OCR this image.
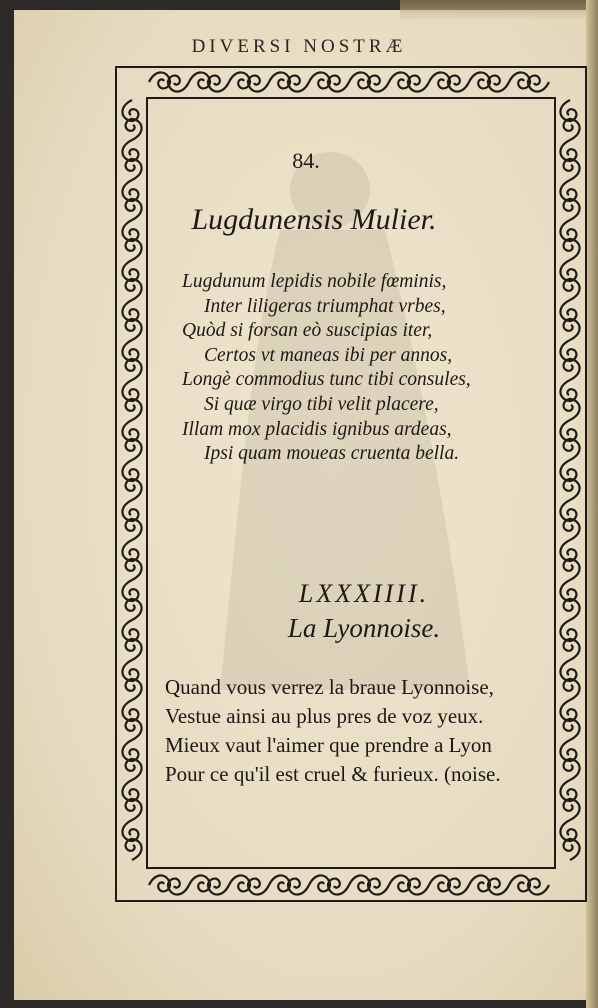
DIVERSI NOSTRÆ
84.
Lugdunensis Mulier.
Lugdunum lepidis nobile fœminis,
Inter liligeras triumphat vrbes,
Quòd si forsan eò suscipias iter,
Certos vt maneas ibi per annos,
Longè commodius tunc tibi consules,
Si quæ virgo tibi velit placere,
Illam mox placidis ignibus ardeas,
Ipsi quam moueas cruenta bella.
LXXXIIII.
La Lyonnoise.
Quand vous verrez la braue Lyonnoise,
Vestue ainsi au plus pres de voz yeux.
Mieux vaut l'aimer que prendre a Lyon
Pour ce qu'il est cruel & furieux. (noise.
